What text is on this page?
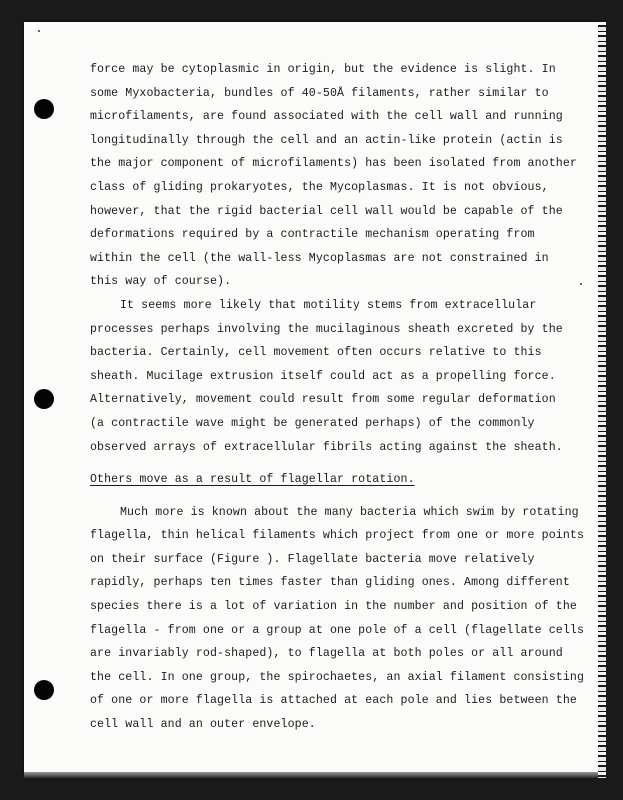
force may be cytoplasmic in origin, but the evidence is slight. In
some Myxobacteria, bundles of 40-50Å filaments, rather similar to
microfilaments, are found associated with the cell wall and running
longitudinally through the cell and an actin-like protein (actin is
the major component of microfilaments) has been isolated from another
class of gliding prokaryotes, the Mycoplasmas. It is not obvious,
however, that the rigid bacterial cell wall would be capable of the
deformations required by a contractile mechanism operating from
within the cell (the wall-less Mycoplasmas are not constrained in
this way of course).
It seems more likely that motility stems from extracellular
processes perhaps involving the mucilaginous sheath excreted by the
bacteria. Certainly, cell movement often occurs relative to this
sheath. Mucilage extrusion itself could act as a propelling force.
Alternatively, movement could result from some regular deformation
(a contractile wave might be generated perhaps) of the commonly
observed arrays of extracellular fibrils acting against the sheath.
Others move as a result of flagellar rotation.
Much more is known about the many bacteria which swim by rotating
flagella, thin helical filaments which project from one or more points
on their surface (Figure ). Flagellate bacteria move relatively
rapidly, perhaps ten times faster than gliding ones. Among different
species there is a lot of variation in the number and position of the
flagella - from one or a group at one pole of a cell (flagellate cells
are invariably rod-shaped), to flagella at both poles or all around
the cell. In one group, the spirochaetes, an axial filament consisting
of one or more flagella is attached at each pole and lies between the
cell wall and an outer envelope.
